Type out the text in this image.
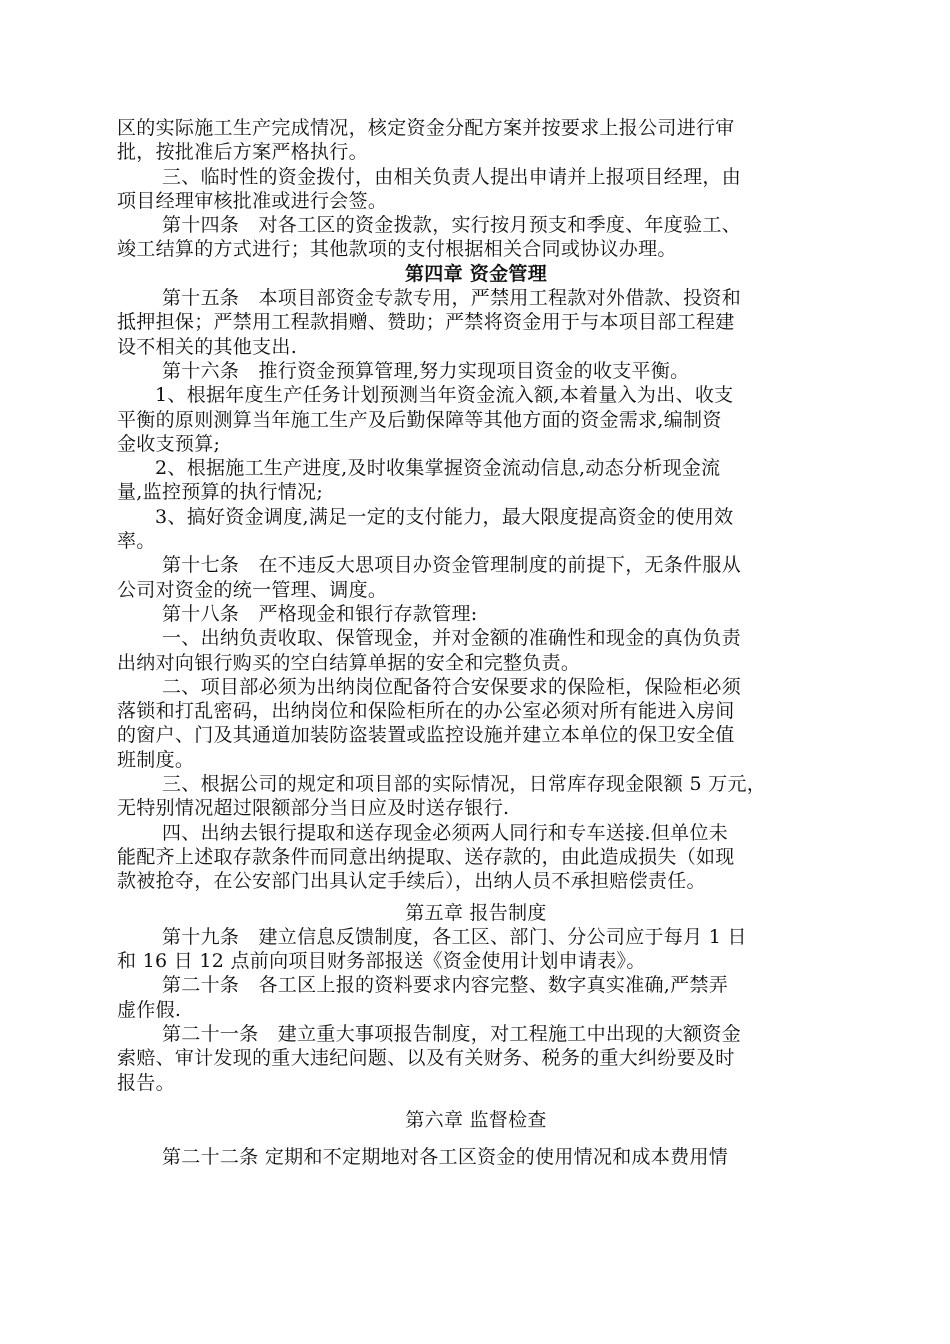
区的实际施工生产完成情况，核定资金分配方案并按要求上报公司进行审
批，按批准后方案严格执行。
三、临时性的资金拨付，由相关负责人提出申请并上报项目经理，由
项目经理审核批准或进行会签。
第十四条　对各工区的资金拨款，实行按月预支和季度、年度验工、
竣工结算的方式进行；其他款项的支付根据相关合同或协议办理。
第四章 资金管理
第十五条　本项目部资金专款专用，严禁用工程款对外借款、投资和
抵押担保；严禁用工程款捐赠、赞助；严禁将资金用于与本项目部工程建
设不相关的其他支出.
第十六条　推行资金预算管理,努力实现项目资金的收支平衡。
1、根据年度生产任务计划预测当年资金流入额,本着量入为出、收支
平衡的原则测算当年施工生产及后勤保障等其他方面的资金需求,编制资
金收支预算;
2、根据施工生产进度,及时收集掌握资金流动信息,动态分析现金流
量,监控预算的执行情况;
3、搞好资金调度,满足一定的支付能力，最大限度提高资金的使用效
率。
第十七条　在不违反大思项目办资金管理制度的前提下，无条件服从
公司对资金的统一管理、调度。
第十八条　严格现金和银行存款管理:
一、出纳负责收取、保管现金，并对金额的准确性和现金的真伪负责
出纳对向银行购买的空白结算单据的安全和完整负责。
二、项目部必须为出纳岗位配备符合安保要求的保险柜，保险柜必须
落锁和打乱密码，出纳岗位和保险柜所在的办公室必须对所有能进入房间
的窗户、门及其通道加装防盗装置或监控设施并建立本单位的保卫安全值
班制度。
三、根据公司的规定和项目部的实际情况，日常库存现金限额 5 万元，
无特别情况超过限额部分当日应及时送存银行.
四、出纳去银行提取和送存现金必须两人同行和专车送接.但单位未
能配齐上述取存款条件而同意出纳提取、送存款的，由此造成损失（如现
款被抢夺，在公安部门出具认定手续后），出纳人员不承担赔偿责任。
第五章 报告制度
第十九条　建立信息反馈制度，各工区、部门、分公司应于每月 1 日
和 16 日 12 点前向项目财务部报送《资金使用计划申请表》。
第二十条　各工区上报的资料要求内容完整、数字真实准确,严禁弄
虚作假.
第二十一条　建立重大事项报告制度，对工程施工中出现的大额资金
索赔、审计发现的重大违纪问题、以及有关财务、税务的重大纠纷要及时
报告。
第六章 监督检查
第二十二条 定期和不定期地对各工区资金的使用情况和成本费用情
